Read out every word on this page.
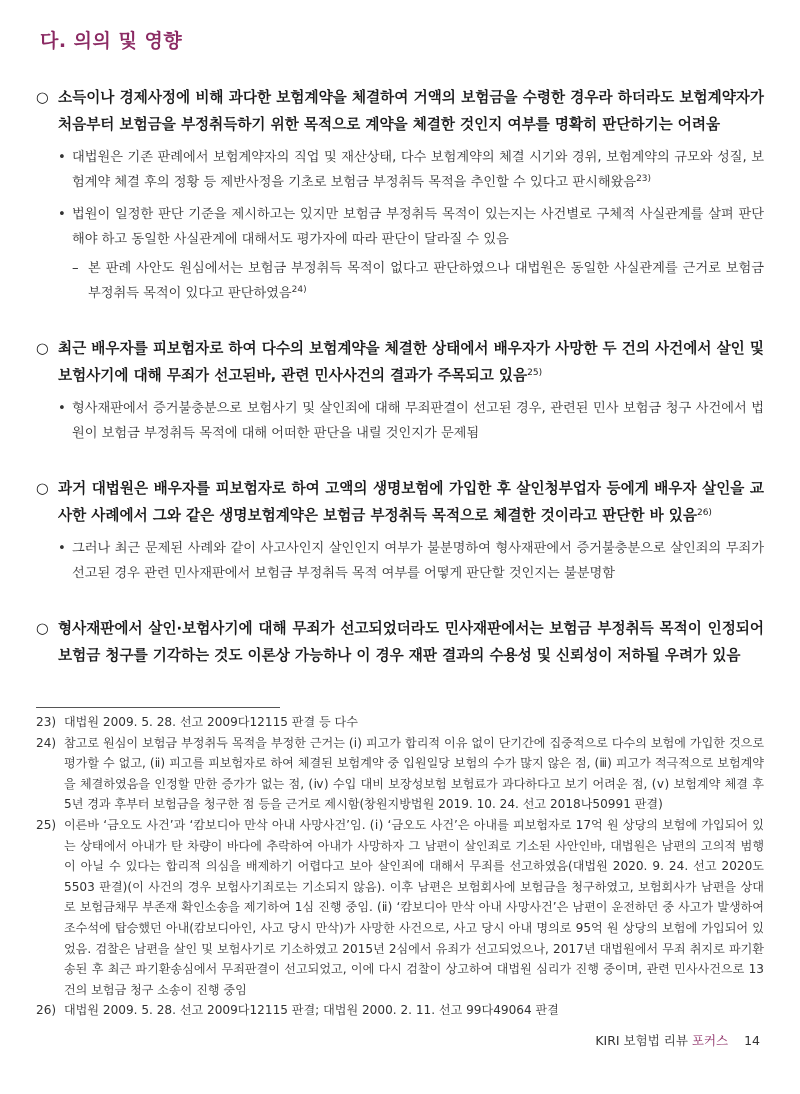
다. 의의 및 영향
○ 소득이나 경제사정에 비해 과다한 보험계약을 체결하여 거액의 보험금을 수령한 경우라 하더라도 보험계약자가 처음부터 보험금을 부정취득하기 위한 목적으로 계약을 체결한 것인지 여부를 명확히 판단하기는 어려움
• 대법원은 기존 판례에서 보험계약자의 직업 및 재산상태, 다수 보험계약의 체결 시기와 경위, 보험계약의 규모와 성질, 보험계약 체결 후의 정황 등 제반사정을 기초로 보험금 부정취득 목적을 추인할 수 있다고 판시해왔음$^{23)}$
• 법원이 일정한 판단 기준을 제시하고는 있지만 보험금 부정취득 목적이 있는지는 사건별로 구체적 사실관계를 살펴 판단해야 하고 동일한 사실관계에 대해서도 평가자에 따라 판단이 달라질 수 있음
– 본 판례 사안도 원심에서는 보험금 부정취득 목적이 없다고 판단하였으나 대법원은 동일한 사실관계를 근거로 보험금 부정취득 목적이 있다고 판단하였음$^{24)}$
○ 최근 배우자를 피보험자로 하여 다수의 보험계약을 체결한 상태에서 배우자가 사망한 두 건의 사건에서 살인 및 보험사기에 대해 무죄가 선고된바, 관련 민사사건의 결과가 주목되고 있음$^{25)}$
• 형사재판에서 증거불충분으로 보험사기 및 살인죄에 대해 무죄판결이 선고된 경우, 관련된 민사 보험금 청구 사건에서 법원이 보험금 부정취득 목적에 대해 어떠한 판단을 내릴 것인지가 문제됨
○ 과거 대법원은 배우자를 피보험자로 하여 고액의 생명보험에 가입한 후 살인청부업자 등에게 배우자 살인을 교사한 사례에서 그와 같은 생명보험계약은 보험금 부정취득 목적으로 체결한 것이라고 판단한 바 있음$^{26)}$
• 그러나 최근 문제된 사례와 같이 사고사인지 살인인지 여부가 불분명하여 형사재판에서 증거불충분으로 살인죄의 무죄가 선고된 경우 관련 민사재판에서 보험금 부정취득 목적 여부를 어떻게 판단할 것인지는 불분명함
○ 형사재판에서 살인·보험사기에 대해 무죄가 선고되었더라도 민사재판에서는 보험금 부정취득 목적이 인정되어 보험금 청구를 기각하는 것도 이론상 가능하나 이 경우 재판 결과의 수용성 및 신뢰성이 저하될 우려가 있음
23) 대법원 2009. 5. 28. 선고 2009다12115 판결 등 다수
24) 참고로 원심이 보험금 부정취득 목적을 부정한 근거는 (ⅰ) 피고가 합리적 이유 없이 단기간에 집중적으로 다수의 보험에 가입한 것으로 평가할 수 없고, (ⅱ) 피고를 피보험자로 하여 체결된 보험계약 중 입원일당 보험의 수가 많지 않은 점, (ⅲ) 피고가 적극적으로 보험계약을 체결하였음을 인정할 만한 증가가 없는 점, (ⅳ) 수입 대비 보장성보험 보험료가 과다하다고 보기 어려운 점, (ⅴ) 보험계약 체결 후 5년 경과 후부터 보험금을 청구한 점 등을 근거로 제시함(창원지방법원 2019. 10. 24. 선고 2018나50991 판결)
25) 이른바 ‘금오도 사건’과 ‘캄보디아 만삭 아내 사망사건’임. (ⅰ) ‘금오도 사건’은 아내를 피보험자로 17억 원 상당의 보험에 가입되어 있는 상태에서 아내가 탄 차량이 바다에 추락하여 아내가 사망하자 그 남편이 살인죄로 기소된 사안인바, 대법원은 남편의 고의적 범행이 아닐 수 있다는 합리적 의심을 배제하기 어렵다고 보아 살인죄에 대해서 무죄를 선고하였음(대법원 2020. 9. 24. 선고 2020도5503 판결)(이 사건의 경우 보험사기죄로는 기소되지 않음). 이후 남편은 보험회사에 보험금을 청구하였고, 보험회사가 남편을 상대로 보험금채무 부존재 확인소송을 제기하여 1심 진행 중임. (ⅱ) ‘캄보디아 만삭 아내 사망사건’은 남편이 운전하던 중 사고가 발생하여 조수석에 탑승했던 아내(캄보디아인, 사고 당시 만삭)가 사망한 사건으로, 사고 당시 아내 명의로 95억 원 상당의 보험에 가입되어 있었음. 검찰은 남편을 살인 및 보험사기로 기소하였고 2015년 2심에서 유죄가 선고되었으나, 2017년 대법원에서 무죄 취지로 파기환송된 후 최근 파기환송심에서 무죄판결이 선고되었고, 이에 다시 검찰이 상고하여 대법원 심리가 진행 중이며, 관련 민사사건으로 13건의 보험금 청구 소송이 진행 중임
26) 대법원 2009. 5. 28. 선고 2009다12115 판결; 대법원 2000. 2. 11. 선고 99다49064 판결
KIRI 보험법 리뷰 포커스 14
